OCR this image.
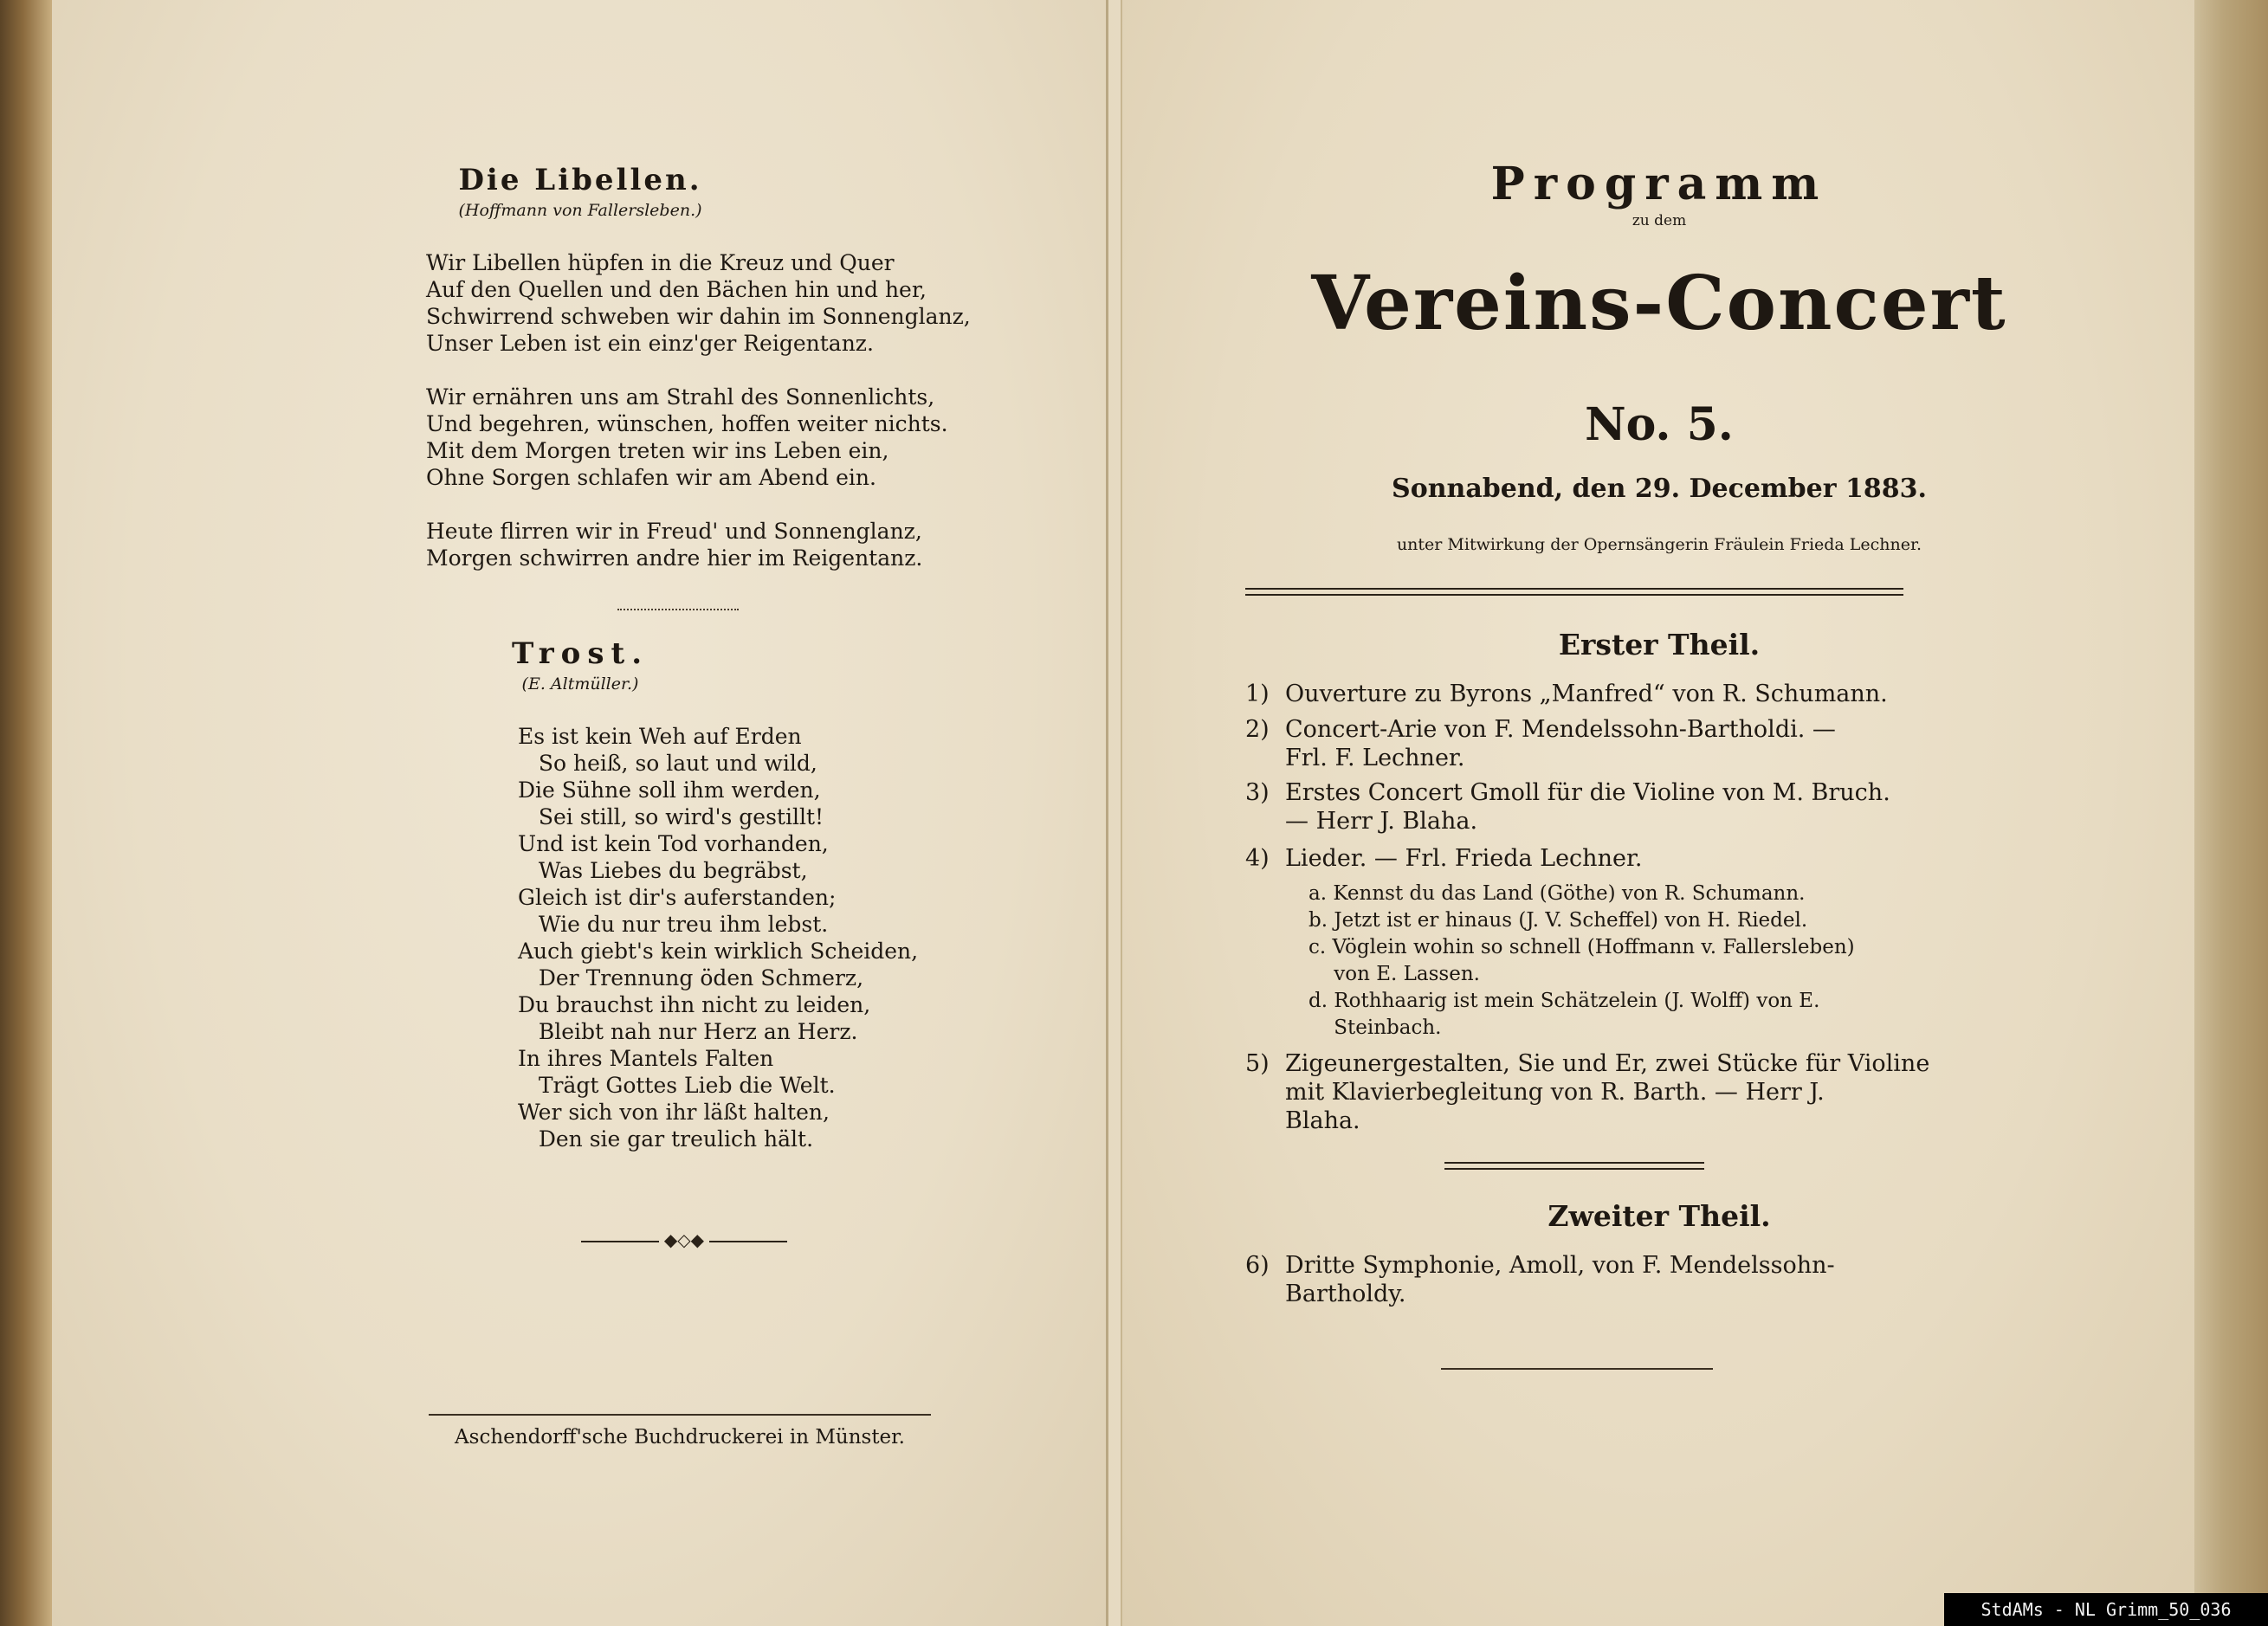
Die Libellen.
(Hoffmann von Fallersleben.)
Wir Libellen hüpfen in die Kreuz und Quer
Auf den Quellen und den Bächen hin und her,
Schwirrend schweben wir dahin im Sonnenglanz,
Unser Leben ist ein einz'ger Reigentanz.

Wir ernähren uns am Strahl des Sonnenlichts,
Und begehren, wünschen, hoffen weiter nichts.
Mit dem Morgen treten wir ins Leben ein,
Ohne Sorgen schlafen wir am Abend ein.

Heute flirren wir in Freud' und Sonnenglanz,
Morgen schwirren andre hier im Reigentanz.
Trost.
(E. Altmüller.)
Es ist kein Weh auf Erden
So heiß, so laut und wild,
Die Sühne soll ihm werden,
Sei still, so wird's gestillt!
Und ist kein Tod vorhanden,
Was Liebes du begräbst,
Gleich ist dir's auferstanden;
Wie du nur treu ihm lebst.
Auch giebt's kein wirklich Scheiden,
Der Trennung öden Schmerz,
Du brauchst ihn nicht zu leiden,
Bleibt nah nur Herz an Herz.
In ihres Mantels Falten
Trägt Gottes Lieb die Welt.
Wer sich von ihr läßt halten,
Den sie gar treulich hält.
◆◇◆
Aschendorff'sche Buchdruckerei in Münster.
Programm
zu dem
Vereins-Concert
No. 5.
Sonnabend, den 29. December 1883.
unter Mitwirkung der Opernsängerin Fräulein Frieda Lechner.
Erster Theil.
1) Ouverture zu Byrons „Manfred“ von R. Schumann.
2) Concert-Arie von F. Mendelssohn-Bartholdi. —
Frl. F. Lechner.
3) Erstes Concert Gmoll für die Violine von M. Bruch.
— Herr J. Blaha.
4) Lieder. — Frl. Frieda Lechner.
a. Kennst du das Land (Göthe) von R. Schumann.
b. Jetzt ist er hinaus (J. V. Scheffel) von H. Riedel.
c. Vöglein wohin so schnell (Hoffmann v. Fallersleben)
von E. Lassen.
d. Rothhaarig ist mein Schätzelein (J. Wolff) von E.
Steinbach.
5) Zigeunergestalten, Sie und Er, zwei Stücke für Violine
mit Klavierbegleitung von R. Barth. — Herr J.
Blaha.
Zweiter Theil.
6) Dritte Symphonie, Amoll, von F. Mendelssohn-
Bartholdy.
StdAMs - NL Grimm_50_036
